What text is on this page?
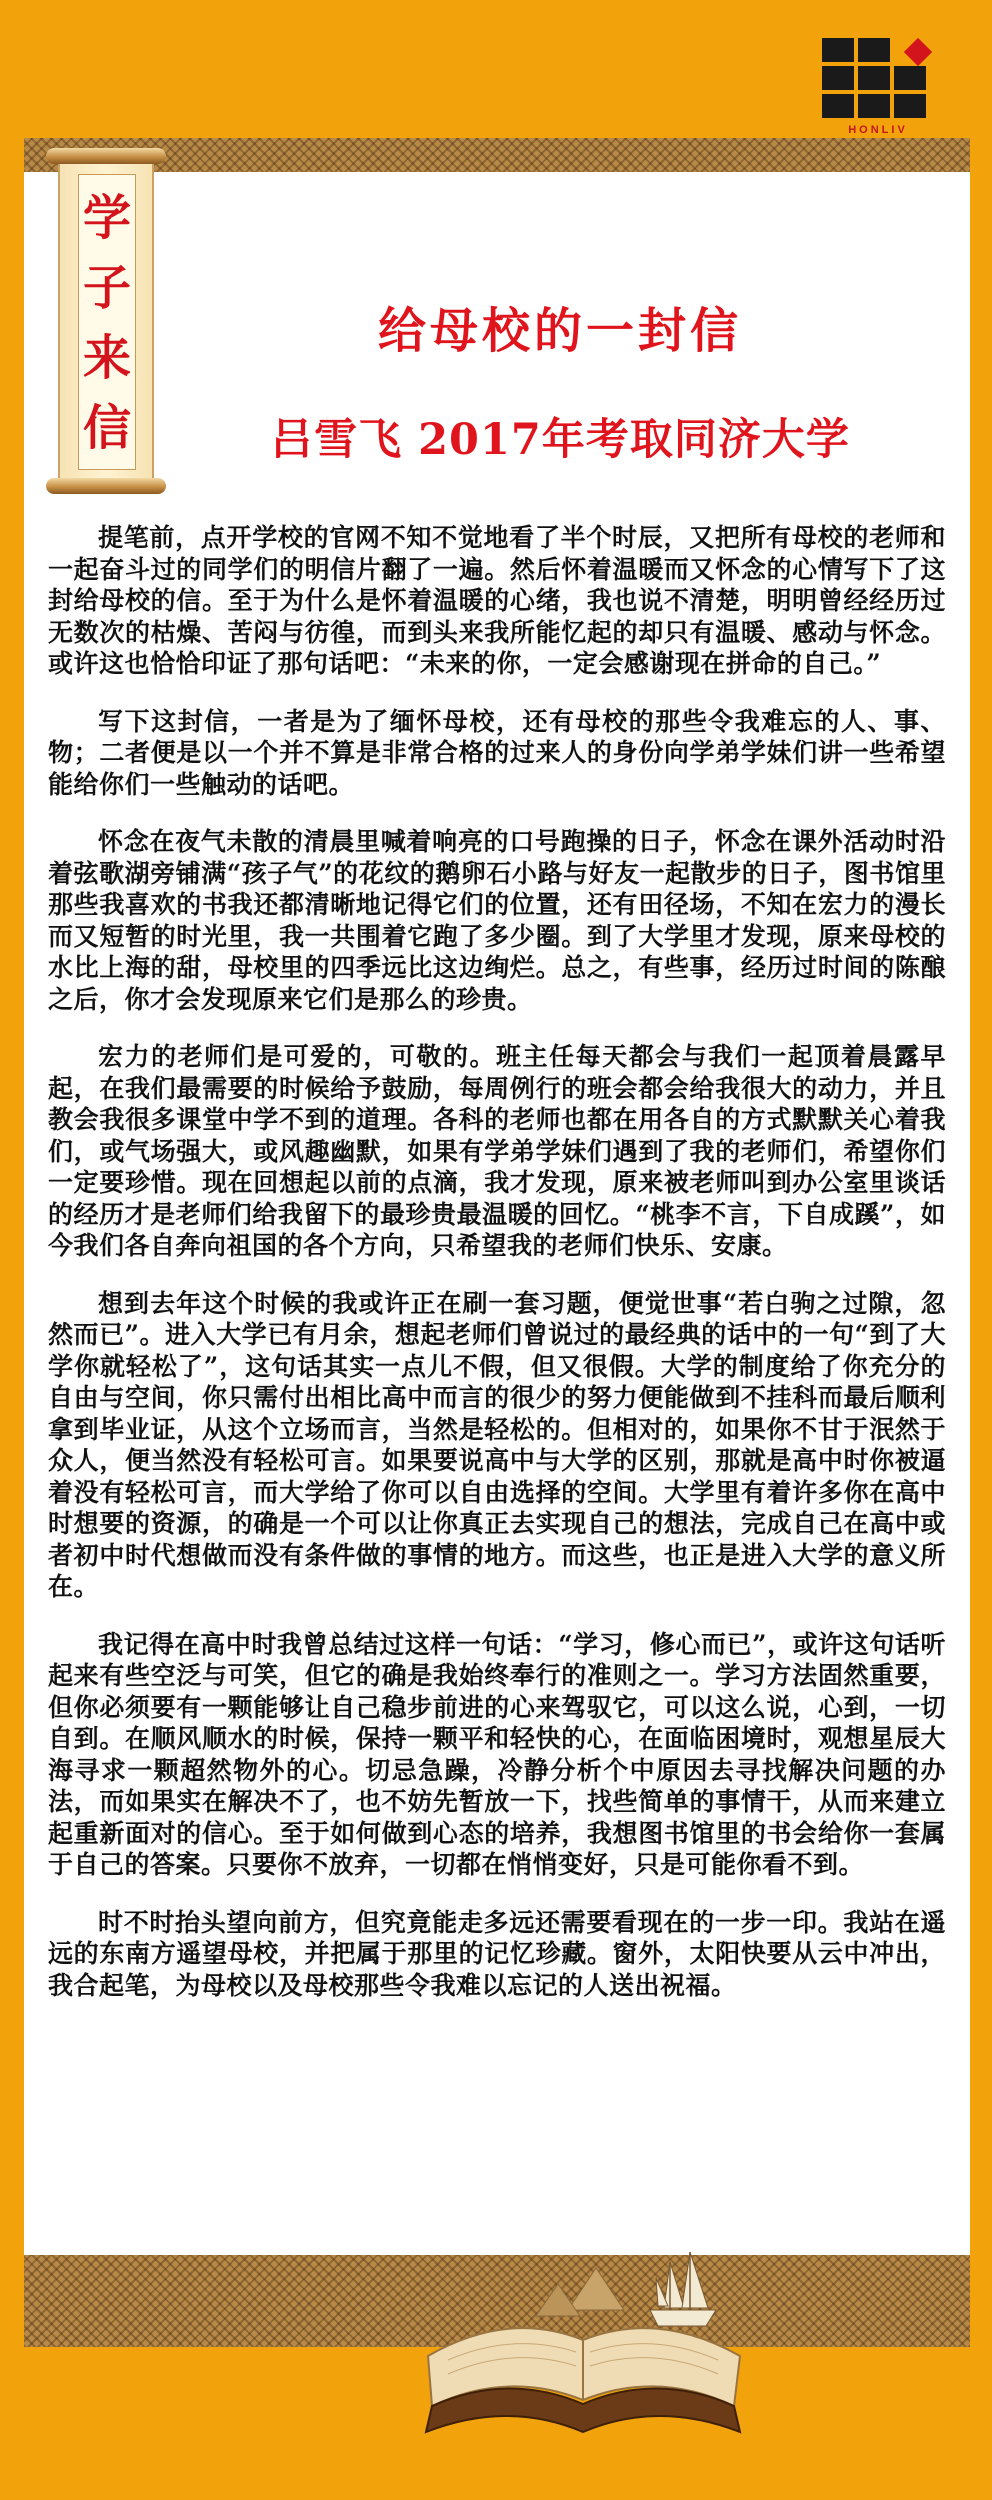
HONLIV
学子来信
给母校的一封信
吕雪飞 2017年考取同济大学

提笔前，点开学校的官网不知不觉地看了半个时辰，又把所有母校的老师和一起奋斗过的同学们的明信片翻了一遍。然后怀着温暖而又怀念的心情写下了这封给母校的信。至于为什么是怀着温暖的心绪，我也说不清楚，明明曾经经历过无数次的枯燥、苦闷与彷徨，而到头来我所能忆起的却只有温暖、感动与怀念。或许这也恰恰印证了那句话吧：“未来的你，一定会感谢现在拼命的自己。”

写下这封信，一者是为了缅怀母校，还有母校的那些令我难忘的人、事、物；二者便是以一个并不算是非常合格的过来人的身份向学弟学妹们讲一些希望能给你们一些触动的话吧。

怀念在夜气未散的清晨里喊着响亮的口号跑操的日子，怀念在课外活动时沿着弦歌湖旁铺满“孩子气”的花纹的鹅卵石小路与好友一起散步的日子，图书馆里那些我喜欢的书我还都清晰地记得它们的位置，还有田径场，不知在宏力的漫长而又短暂的时光里，我一共围着它跑了多少圈。到了大学里才发现，原来母校的水比上海的甜，母校里的四季远比这边绚烂。总之，有些事，经历过时间的陈酿之后，你才会发现原来它们是那么的珍贵。

宏力的老师们是可爱的，可敬的。班主任每天都会与我们一起顶着晨露早起，在我们最需要的时候给予鼓励，每周例行的班会都会给我很大的动力，并且教会我很多课堂中学不到的道理。各科的老师也都在用各自的方式默默关心着我们，或气场强大，或风趣幽默，如果有学弟学妹们遇到了我的老师们，希望你们一定要珍惜。现在回想起以前的点滴，我才发现，原来被老师叫到办公室里谈话的经历才是老师们给我留下的最珍贵最温暖的回忆。“桃李不言，下自成蹊”，如今我们各自奔向祖国的各个方向，只希望我的老师们快乐、安康。

想到去年这个时候的我或许正在刷一套习题，便觉世事“若白驹之过隙，忽然而已”。进入大学已有月余，想起老师们曾说过的最经典的话中的一句“到了大学你就轻松了”，这句话其实一点儿不假，但又很假。大学的制度给了你充分的自由与空间，你只需付出相比高中而言的很少的努力便能做到不挂科而最后顺利拿到毕业证，从这个立场而言，当然是轻松的。但相对的，如果你不甘于泯然于众人，便当然没有轻松可言。如果要说高中与大学的区别，那就是高中时你被逼着没有轻松可言，而大学给了你可以自由选择的空间。大学里有着许多你在高中时想要的资源，的确是一个可以让你真正去实现自己的想法，完成自己在高中或者初中时代想做而没有条件做的事情的地方。而这些，也正是进入大学的意义所在。

我记得在高中时我曾总结过这样一句话：“学习，修心而已”，或许这句话听起来有些空泛与可笑，但它的确是我始终奉行的准则之一。学习方法固然重要，但你必须要有一颗能够让自己稳步前进的心来驾驭它，可以这么说，心到，一切自到。在顺风顺水的时候，保持一颗平和轻快的心，在面临困境时，观想星辰大海寻求一颗超然物外的心。切忌急躁，冷静分析个中原因去寻找解决问题的办法，而如果实在解决不了，也不妨先暂放一下，找些简单的事情干，从而来建立起重新面对的信心。至于如何做到心态的培养，我想图书馆里的书会给你一套属于自己的答案。只要你不放弃，一切都在悄悄变好，只是可能你看不到。

时不时抬头望向前方，但究竟能走多远还需要看现在的一步一印。我站在遥远的东南方遥望母校，并把属于那里的记忆珍藏。窗外，太阳快要从云中冲出，我合起笔，为母校以及母校那些令我难以忘记的人送出祝福。
